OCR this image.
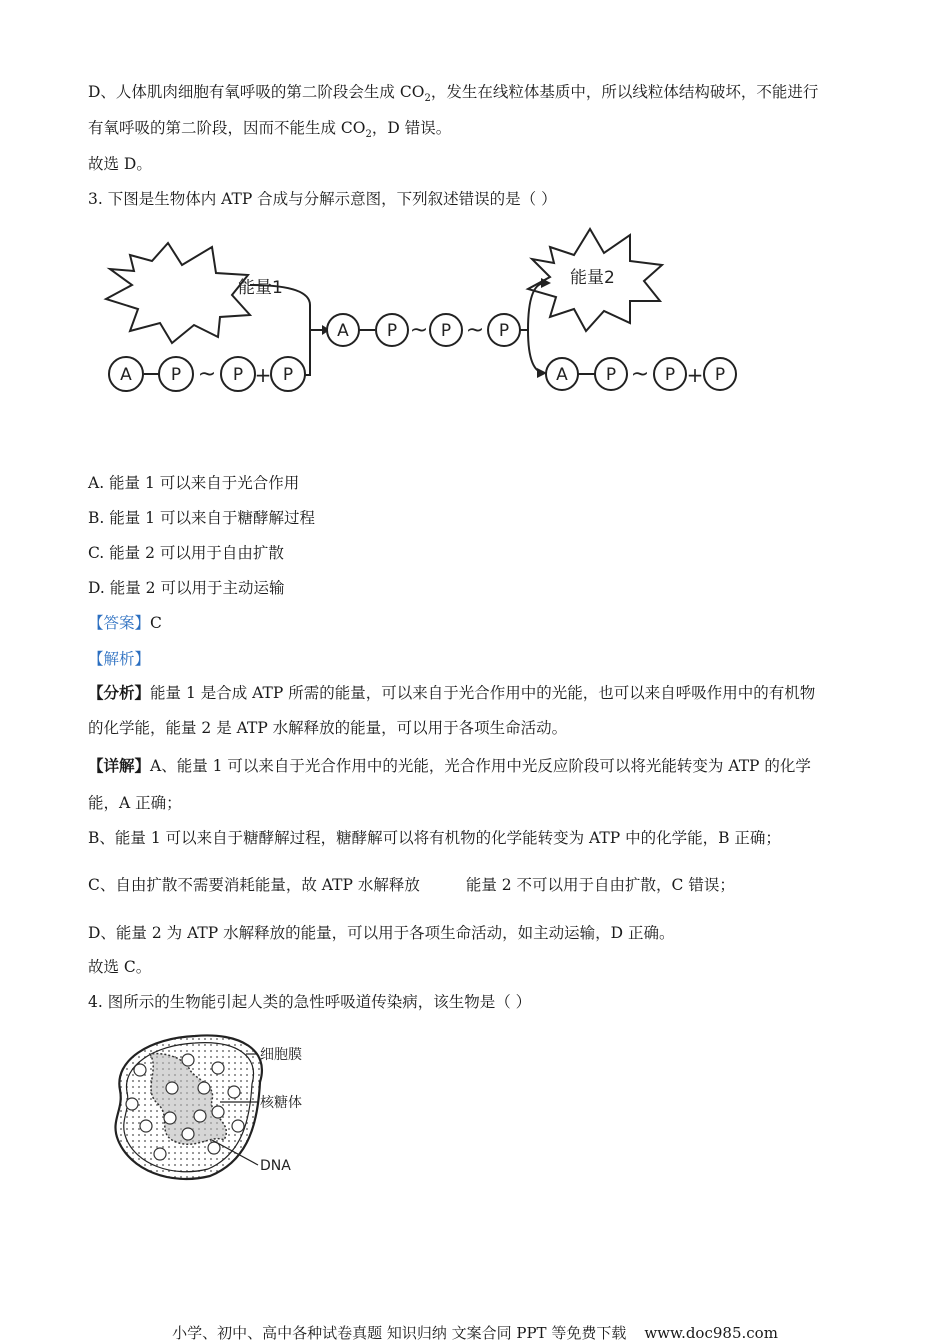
D、人体肌肉细胞有氧呼吸的第二阶段会生成 $CO_2$，发生在线粒体基质中，所以线粒体结构破坏，不能进行
有氧呼吸的第二阶段，因而不能生成 $CO_2$，D 错误。
故选 D。
3. 下图是生物体内 ATP 合成与分解示意图，下列叙述错误的是（ ）
能量1	能量2
A P ~ P + P
A P ~ P ~ P
A P ~ P + P
A. 能量 1 可以来自于光合作用
B. 能量 1 可以来自于糖酵解过程
C. 能量 2 可以用于自由扩散
D. 能量 2 可以用于主动运输
【答案】C
【解析】
【分析】能量 1 是合成 ATP 所需的能量，可以来自于光合作用中的光能，也可以来自呼吸作用中的有机物
的化学能，能量 2 是 ATP 水解释放的能量，可以用于各项生命活动。
【详解】A、能量 1 可以来自于光合作用中的光能，光合作用中光反应阶段可以将光能转变为 ATP 的化学
能，A 正确；
B、能量 1 可以来自于糖酵解过程，糖酵解可以将有机物的化学能转变为 ATP 中的化学能，B 正确；
C、自由扩散不需要消耗能量，故 ATP 水解释放	能量 2 不可以用于自由扩散，C 错误；
D、能量 2 为 ATP 水解释放的能量，可以用于各项生命活动，如主动运输，D 正确。
故选 C。
4. 图所示的生物能引起人类的急性呼吸道传染病，该生物是（ ）
细胞膜
核糖体
DNA
小学、初中、高中各种试卷真题 知识归纳 文案合同 PPT 等免费下载 www.doc985.com
